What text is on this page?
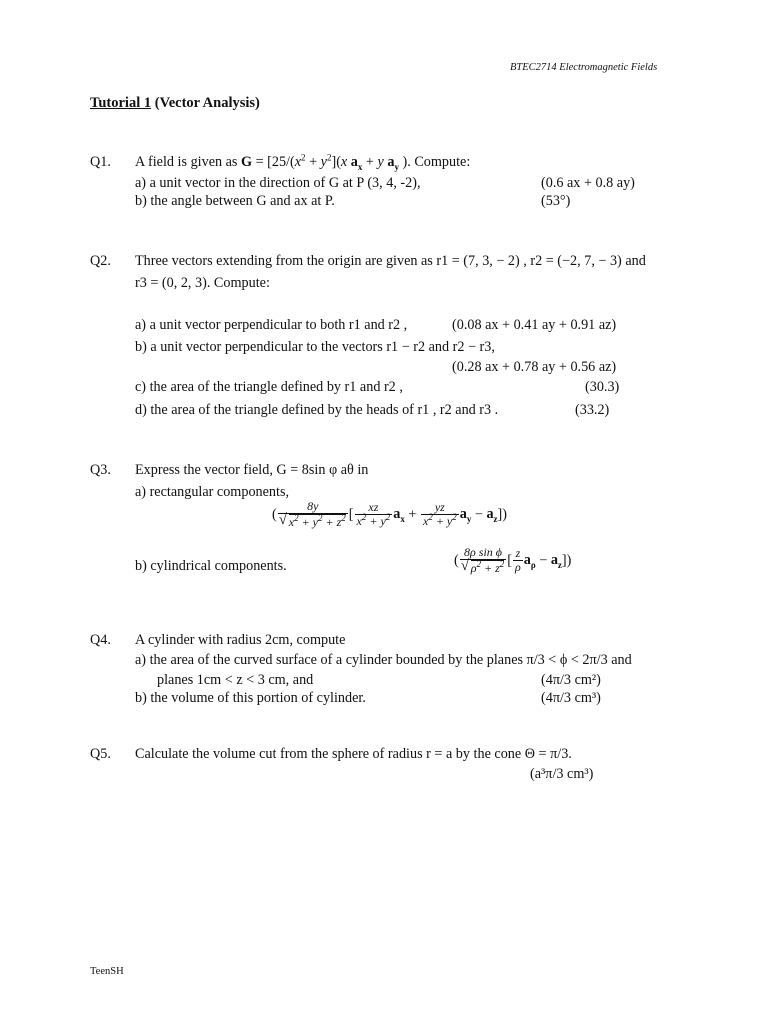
BTEC2714 Electromagnetic Fields
Tutorial 1 (Vector Analysis)
Q1. A field is given as $G = [25/(x^2 + y^2](x$ $a_x + y$ $a_y$ ). Compute:
a) a unit vector in the direction of G at P (3, 4, -2),	(0.6 ax + 0.8 ay)
b) the angle between G and ax at P.	(53°)
Q2. Three vectors extending from the origin are given as r1 = (7, 3, − 2) , r2 = (−2, 7, − 3) and
r3 = (0, 2, 3). Compute:
a) a unit vector perpendicular to both r1 and r2 ,	(0.08 ax + 0.41 ay + 0.91 az)
b) a unit vector perpendicular to the vectors r1 − r2 and r2 − r3,
(0.28 ax + 0.78 ay + 0.56 az)
c) the area of the triangle defined by r1 and r2 ,	(30.3)
d) the area of the triangle defined by the heads of r1 , r2 and r3 .	(33.2)
Q3. Express the vector field, G = 8sin φ aθ in
a) rectangular components,
( 8y
√ $x^2 + y^2 + z^2$ [ $\frac{xz}{x^2 + y^2} a_x + \frac{yz}{x^2 + y^2} a_y - a_z$])
b) cylindrical components.	( 8ρ sin ϕ
√ $\rho^2 + z^2$ [ $\frac{z}{\rho} a_\rho - a_z$])
Q4. A cylinder with radius 2cm, compute
a) the area of the curved surface of a cylinder bounded by the planes π/3 < ϕ < 2π/3 and
planes 1cm < z < 3 cm, and	(4π/3 cm²)
b) the volume of this portion of cylinder.	(4π/3 cm³)
Q5. Calculate the volume cut from the sphere of radius r = a by the cone Θ = π/3.
(a³π/3 cm³)
TeenSH
